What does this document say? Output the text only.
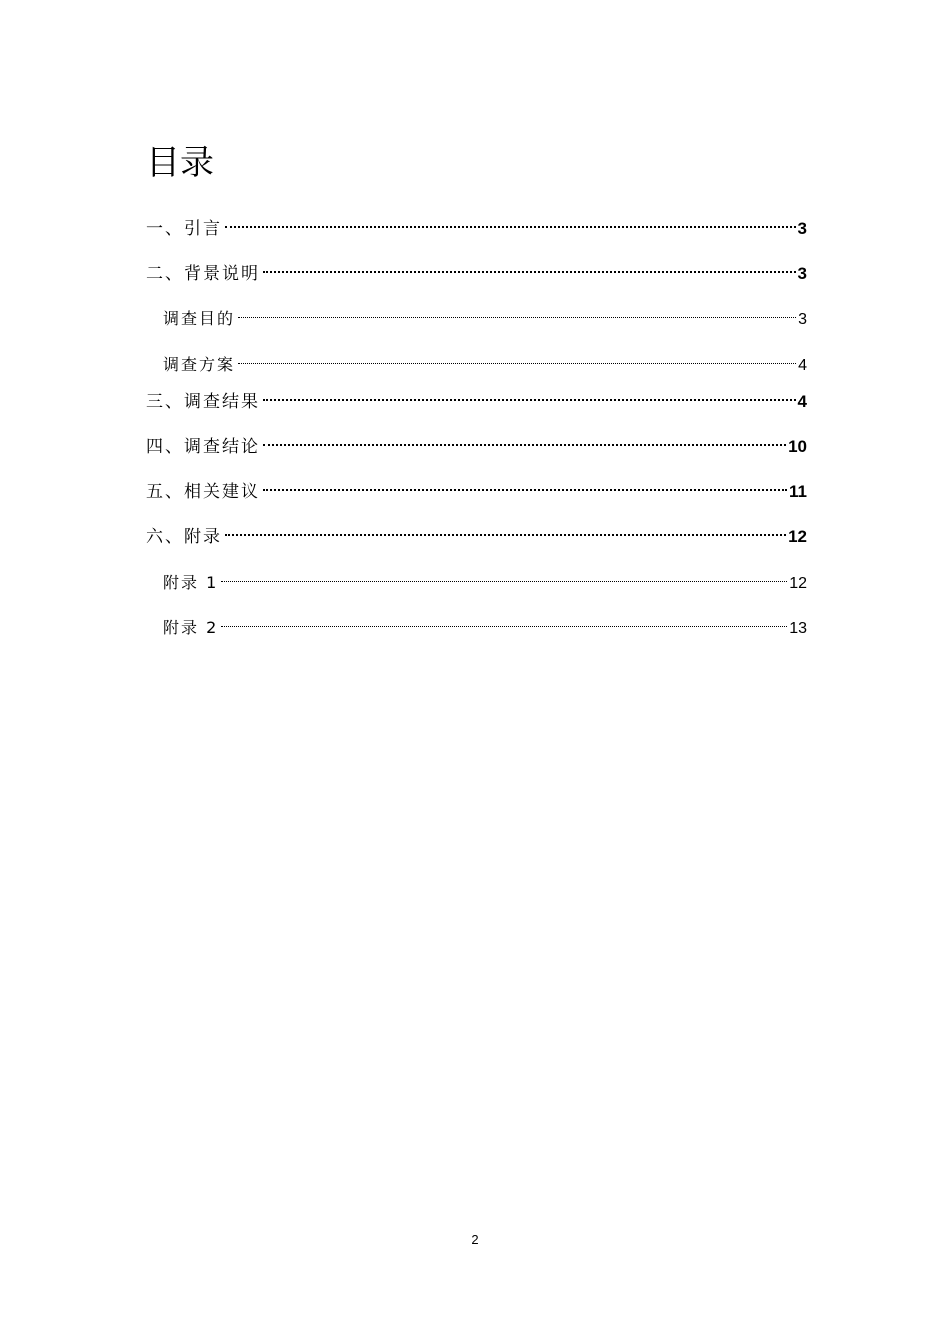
目录
一、引言	3
二、背景说明	3
调查目的	3
调查方案	4
三、调查结果	4
四、调查结论	10
五、相关建议	11
六、附录	12
附录 1	12
附录 2	13
2
